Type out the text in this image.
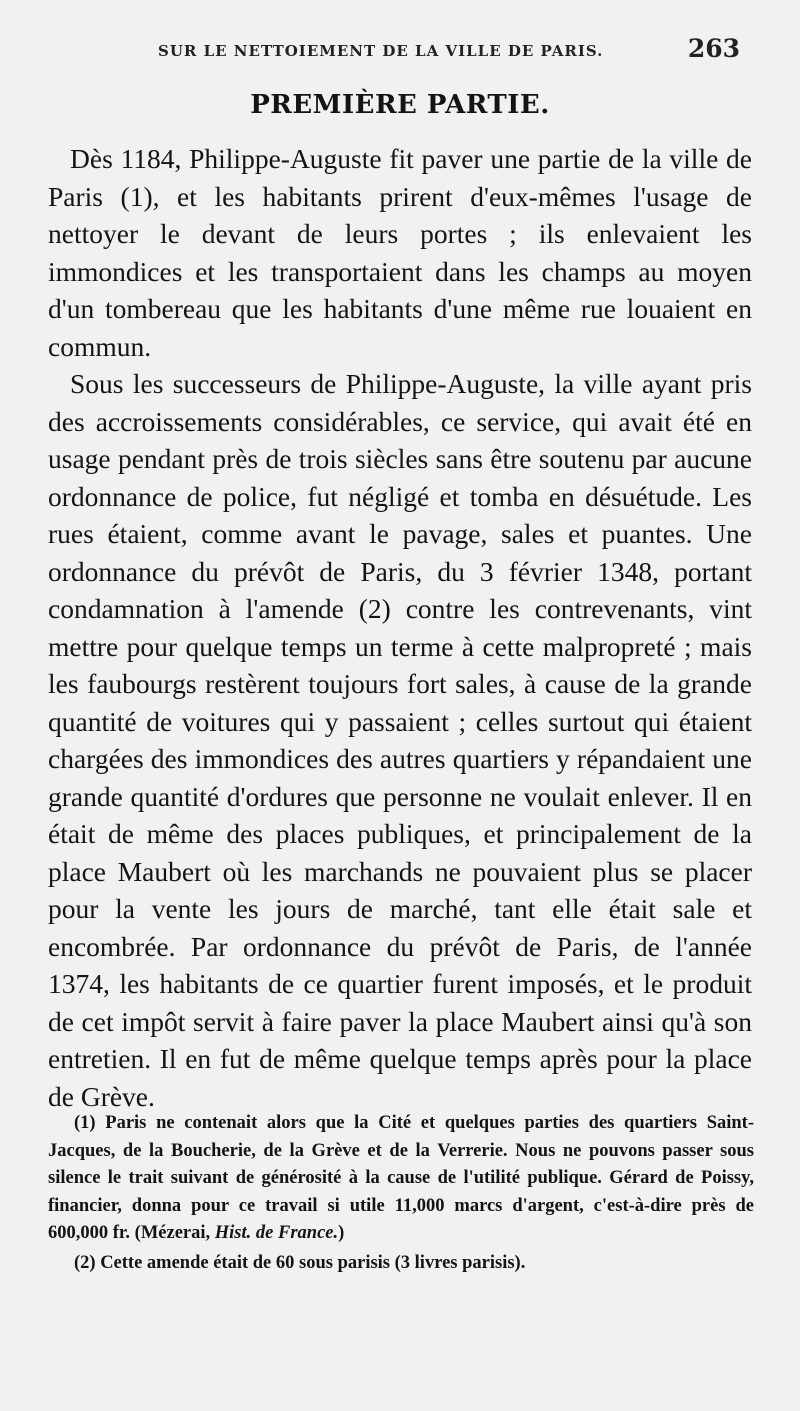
SUR LE NETTOIEMENT DE LA VILLE DE PARIS.	263
PREMIÈRE PARTIE.

Dès 1184, Philippe-Auguste fit paver une partie de la ville de Paris (1), et les habitants prirent d'eux-mêmes l'usage de nettoyer le devant de leurs portes ; ils enlevaient les immondices et les transportaient dans les champs au moyen d'un tombereau que les habitants d'une même rue louaient en commun.

Sous les successeurs de Philippe-Auguste, la ville ayant pris des accroissements considérables, ce service, qui avait été en usage pendant près de trois siècles sans être soutenu par aucune ordonnance de police, fut négligé et tomba en désuétude. Les rues étaient, comme avant le pavage, sales et puantes. Une ordonnance du prévôt de Paris, du 3 février 1348, portant condamnation à l'amende (2) contre les contrevenants, vint mettre pour quelque temps un terme à cette malpropreté ; mais les faubourgs restèrent toujours fort sales, à cause de la grande quantité de voitures qui y passaient ; celles surtout qui étaient chargées des immondices des autres quartiers y répandaient une grande quantité d'ordures que personne ne voulait enlever. Il en était de même des places publiques, et principalement de la place Maubert où les marchands ne pouvaient plus se placer pour la vente les jours de marché, tant elle était sale et encombrée. Par ordonnance du prévôt de Paris, de l'année 1374, les habitants de ce quartier furent imposés, et le produit de cet impôt servit à faire paver la place Maubert ainsi qu'à son entretien. Il en fut de même quelque temps après pour la place de Grève.

(1) Paris ne contenait alors que la Cité et quelques parties des quartiers Saint-Jacques, de la Boucherie, de la Grève et de la Verrerie. Nous ne pouvons passer sous silence le trait suivant de générosité à la cause de l'utilité publique. Gérard de Poissy, financier, donna pour ce travail si utile 11,000 marcs d'argent, c'est-à-dire près de 600,000 fr. (Mézerai, Hist. de France.)

(2) Cette amende était de 60 sous parisis (3 livres parisis).
